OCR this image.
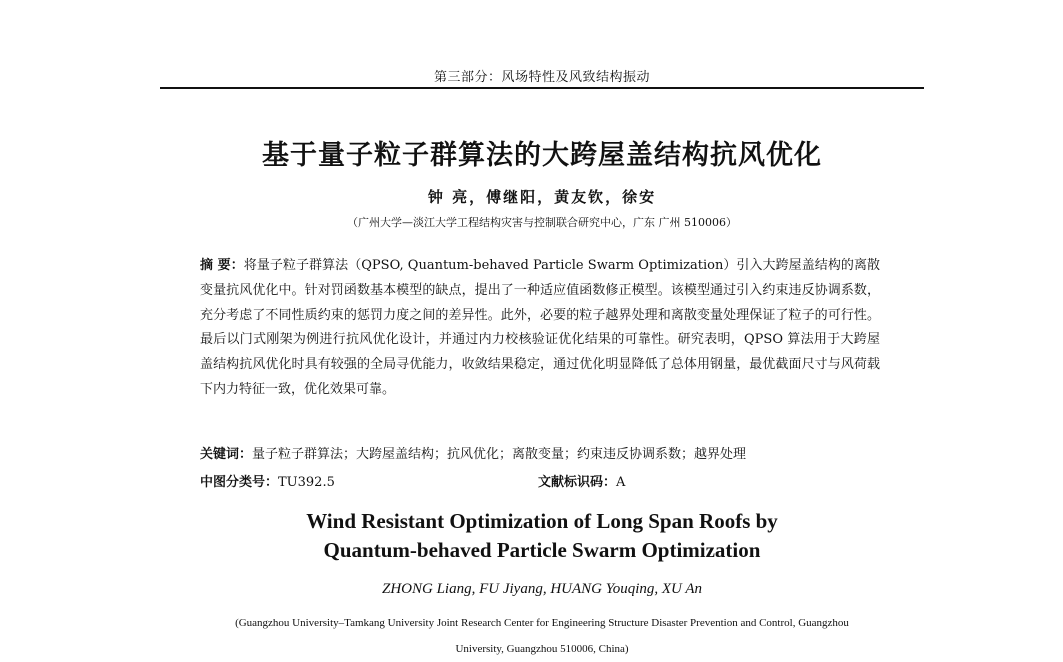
第三部分：风场特性及风致结构振动
基于量子粒子群算法的大跨屋盖结构抗风优化
钟 亮，傅继阳，黄友钦，徐安
（广州大学—淡江大学工程结构灾害与控制联合研究中心，广东 广州 510006）
摘 要：将量子粒子群算法（QPSO, Quantum-behaved Particle Swarm Optimization）引入大跨屋盖结构的离散变量抗风优化中。针对罚函数基本模型的缺点，提出了一种适应值函数修正模型。该模型通过引入约束违反协调系数，充分考虑了不同性质约束的惩罚力度之间的差异性。此外，必要的粒子越界处理和离散变量处理保证了粒子的可行性。最后以门式刚架为例进行抗风优化设计，并通过内力校核验证优化结果的可靠性。研究表明，QPSO 算法用于大跨屋盖结构抗风优化时具有较强的全局寻优能力，收敛结果稳定，通过优化明显降低了总体用钢量，最优截面尺寸与风荷载下内力特征一致，优化效果可靠。
关键词：量子粒子群算法；大跨屋盖结构；抗风优化；离散变量；约束违反协调系数；越界处理
中图分类号：TU392.5	文献标识码：A
Wind Resistant Optimization of Long Span Roofs by
Quantum-behaved Particle Swarm Optimization
ZHONG Liang, FU Jiyang, HUANG Youqing, XU An
(Guangzhou University–Tamkang University Joint Research Center for Engineering Structure Disaster Prevention and Control, Guangzhou
University, Guangzhou 510006, China)
